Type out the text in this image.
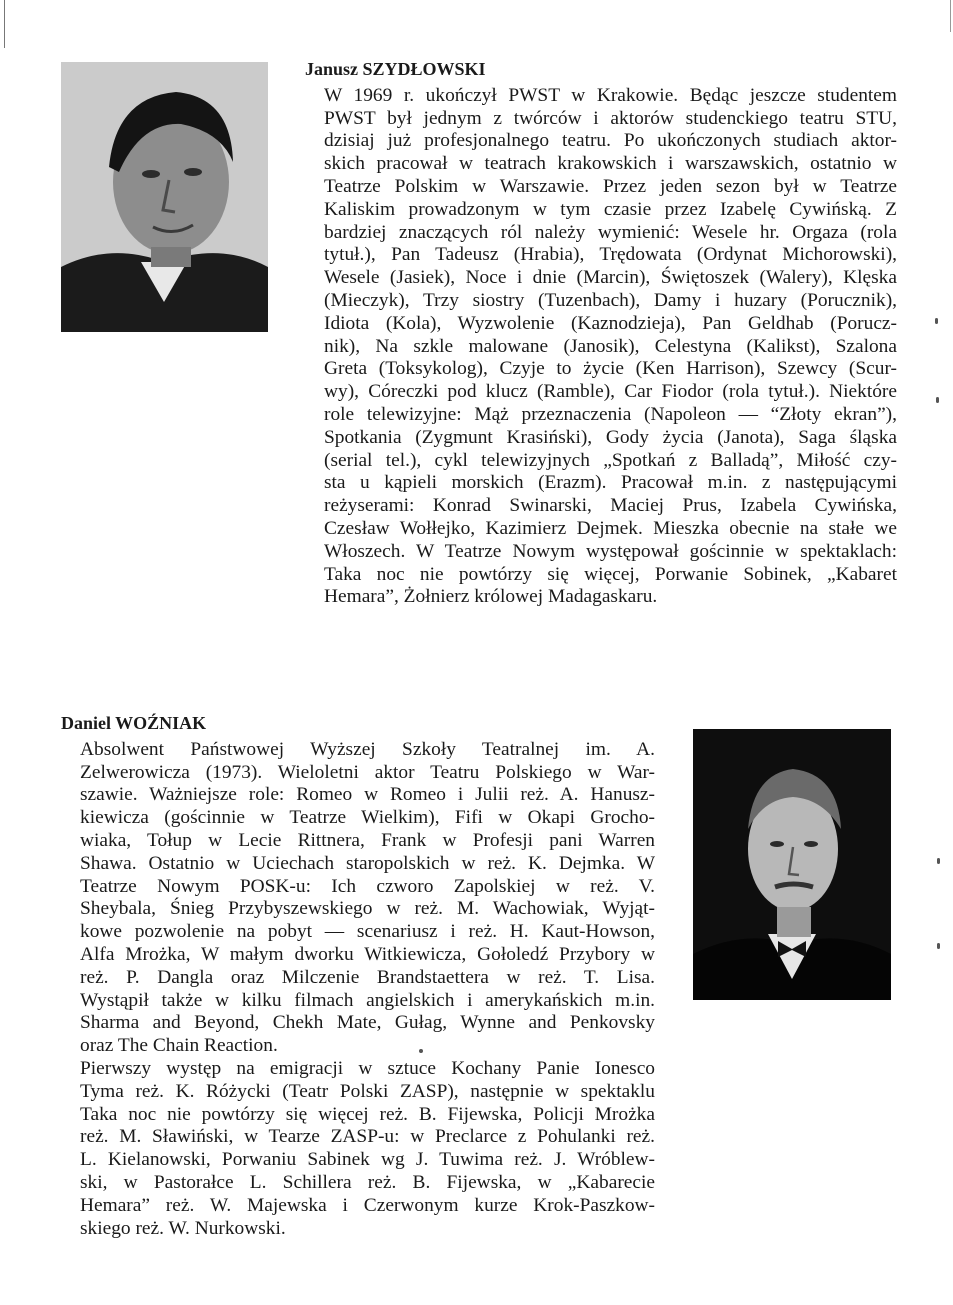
Janusz SZYDŁOWSKI
W 1969 r. ukończył PWST w Krakowie. Będąc jeszcze studentem
PWST był jednym z twórców i aktorów studenckiego teatru STU,
dzisiaj już profesjonalnego teatru. Po ukończonych studiach aktor-
skich pracował w teatrach krakowskich i warszawskich, ostatnio w
Teatrze Polskim w Warszawie. Przez jeden sezon był w Teatrze
Kaliskim prowadzonym w tym czasie przez Izabelę Cywińską. Z
bardziej znaczących ról należy wymienić: Wesele hr. Orgaza (rola
tytuł.), Pan Tadeusz (Hrabia), Trędowata (Ordynat Michorowski),
Wesele (Jasiek), Noce i dnie (Marcin), Świętoszek (Walery), Klęska
(Mieczyk), Trzy siostry (Tuzenbach), Damy i huzary (Porucznik),
Idiota (Kola), Wyzwolenie (Kaznodzieja), Pan Geldhab (Porucz-
nik), Na szkle malowane (Janosik), Celestyna (Kalikst), Szalona
Greta (Toksykolog), Czyje to życie (Ken Harrison), Szewcy (Scur-
wy), Córeczki pod klucz (Ramble), Car Fiodor (rola tytuł.). Niektóre
role telewizyjne: Mąż przeznaczenia (Napoleon — “Złoty ekran”),
Spotkania (Zygmunt Krasiński), Gody życia (Janota), Saga śląska
(serial tel.), cykl telewizyjnych „Spotkań z Balladą”, Miłość czy-
sta u kąpieli morskich (Erazm). Pracował m.in. z następującymi
reżyserami: Konrad Swinarski, Maciej Prus, Izabela Cywińska,
Czesław Wołłejko, Kazimierz Dejmek. Mieszka obecnie na stałe we
Włoszech. W Teatrze Nowym występował gościnnie w spektaklach:
Taka noc nie powtórzy się więcej, Porwanie Sobinek, „Kabaret
Hemara”, Żołnierz królowej Madagaskaru.
Daniel WOŹNIAK
Absolwent Państwowej Wyższej Szkoły Teatralnej im. A.
Zelwerowicza (1973). Wieloletni aktor Teatru Polskiego w War-
szawie. Ważniejsze role: Romeo w Romeo i Julii reż. A. Hanusz-
kiewicza (gościnnie w Teatrze Wielkim), Fifi w Okapi Grocho-
wiaka, Tołup w Lecie Rittnera, Frank w Profesji pani Warren
Shawa. Ostatnio w Uciechach staropolskich w reż. K. Dejmka. W
Teatrze Nowym POSK-u: Ich czworo Zapolskiej w reż. V.
Sheybala, Śnieg Przybyszewskiego w reż. M. Wachowiak, Wyjąt-
kowe pozwolenie na pobyt — scenariusz i reż. H. Kaut-Howson,
Alfa Mrożka, W małym dworku Witkiewicza, Gołoledź Przybory w
reż. P. Dangla oraz Milczenie Brandstaettera w reż. T. Lisa.
Wystąpił także w kilku filmach angielskich i amerykańskich m.in.
Sharma and Beyond, Chekh Mate, Gułag, Wynne and Penkovsky
oraz The Chain Reaction.
Pierwszy występ na emigracji w sztuce Kochany Panie Ionesco
Tyma reż. K. Różycki (Teatr Polski ZASP), następnie w spektaklu
Taka noc nie powtórzy się więcej reż. B. Fijewska, Policji Mrożka
reż. M. Sławiński, w Tearze ZASP-u: w Preclarce z Pohulanki reż.
L. Kielanowski, Porwaniu Sabinek wg J. Tuwima reż. J. Wróblew-
ski, w Pastorałce L. Schillera reż. B. Fijewska, w „Kabarecie
Hemara” reż. W. Majewska i Czerwonym kurze Krok-Paszkow-
skiego reż. W. Nurkowski.
